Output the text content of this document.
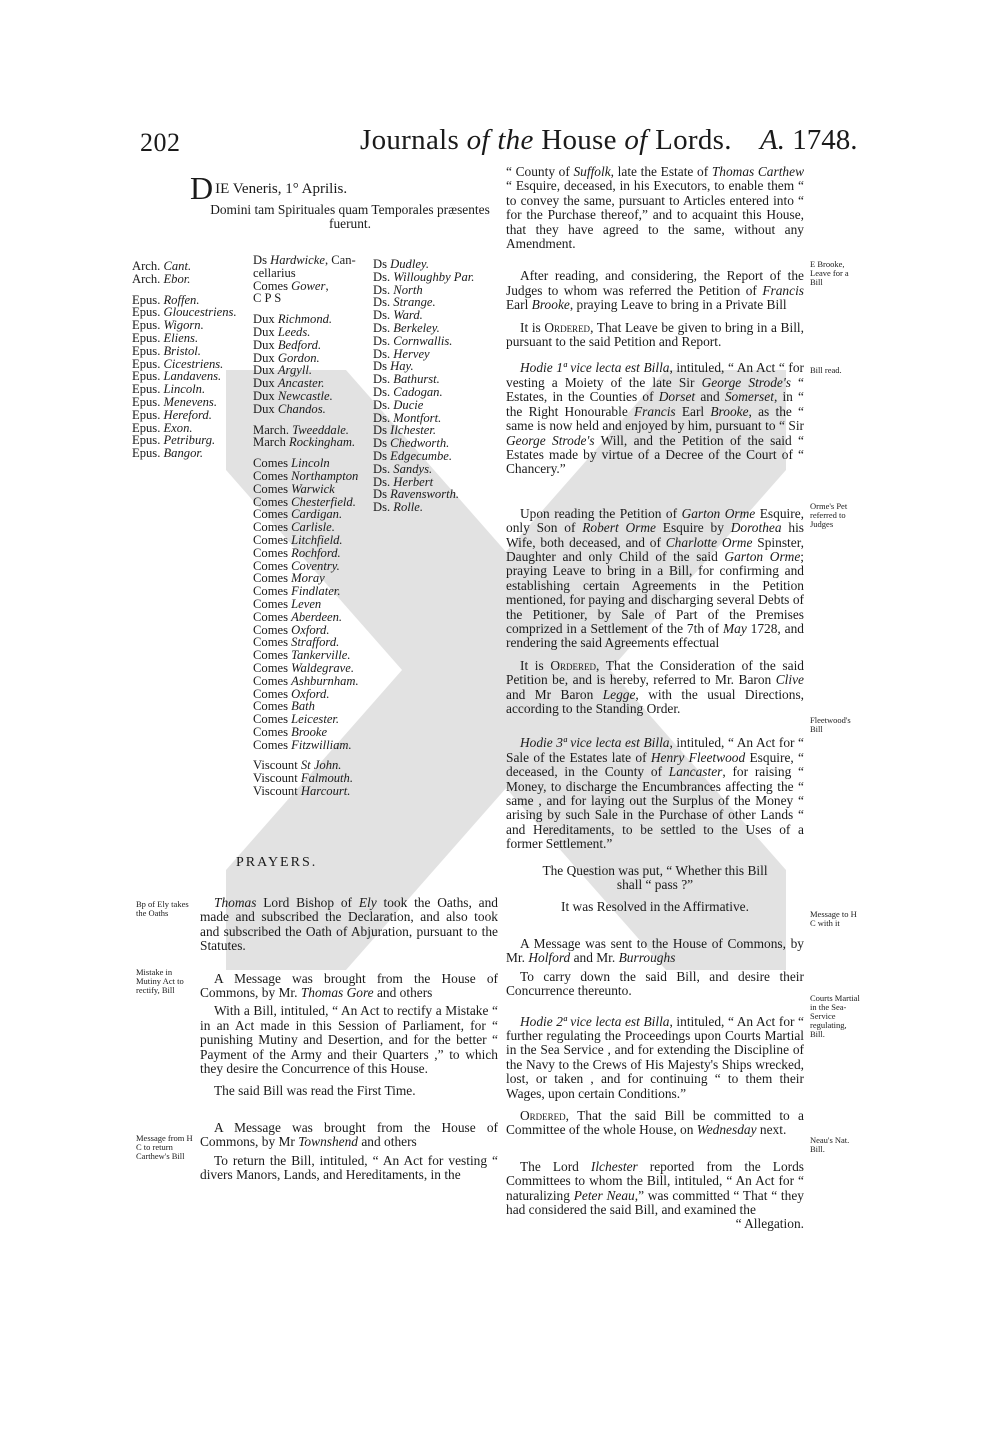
202	Journals of the House of Lords. A. 1748.
DIE Veneris, 1° Aprilis.
Domini tam Spirituales quam Temporales præsentes fuerunt.
Arch. Cant.
Arch. Ebor.
Epus. Roffen.
Epus. Gloucestriens.
Epus. Wigorn.
Epus. Eliens.
Epus. Bristol.
Epus. Cicestriens.
Epus. Landavens.
Epus. Lincoln.
Epus. Menevens.
Epus. Hereford.
Epus. Exon.
Epus. Petriburg.
Epus. Bangor.
Ds Hardwicke, Can-
cellarius
Comes Gower,
C P S
Dux Richmond.
Dux Leeds.
Dux Bedford.
Dux Gordon.
Dux Argyll.
Dux Ancaster.
Dux Newcastle.
Dux Chandos.
March. Tweeddale.
March Rockingham.
Comes Lincoln
Comes Northampton
Comes Warwick
Comes Chesterfield.
Comes Cardigan.
Comes Carlisle.
Comes Litchfield.
Comes Rochford.
Comes Coventry.
Comes Moray
Comes Findlater.
Comes Leven
Comes Aberdeen.
Comes Oxford.
Comes Strafford.
Comes Tankerville.
Comes Waldegrave.
Comes Ashburnham.
Comes Oxford.
Comes Bath
Comes Leicester.
Comes Brooke
Comes Fitzwilliam.
Viscount St John.
Viscount Falmouth.
Viscount Harcourt.
Ds Dudley.
Ds. Willoughby Par.
Ds. North
Ds. Strange.
Ds. Ward.
Ds. Berkeley.
Ds. Cornwallis.
Ds. Hervey
Ds Hay.
Ds. Bathurst.
Ds. Cadogan.
Ds. Ducie
Ds. Montfort.
Ds Ilchester.
Ds Chedworth.
Ds Edgecumbe.
Ds. Sandys.
Ds. Herbert
Ds Ravensworth.
Ds. Rolle.
PRAYERS.
Bp of Ely takes the Oaths
Mistake in Mutiny Act to rectify, Bill
Message from H C to return Carthew's Bill

Thomas Lord Bishop of Ely took the Oaths, and made and subscribed the Declaration, and also took and subscribed the Oath of Abjuration, pursuant to the Statutes.

A Message was brought from the House of Commons, by Mr. Thomas Gore and others

With a Bill, intituled, “ An Act to rectify a Mistake “ in an Act made in this Session of Parliament, for “ punishing Mutiny and Desertion, and for the better “ Payment of the Army and their Quarters ,” to which they desire the Concurrence of this House.

The said Bill was read the First Time.

A Message was brought from the House of Commons, by Mr Townshend and others

To return the Bill, intituled, “ An Act for vesting “ divers Manors, Lands, and Hereditaments, in the

E Brooke, Leave for a Bill
Bill read.
Orme's Pet referred to Judges
Fleetwood's Bill
Message to H C with it
Courts Martial in the Sea-Service regulating, Bill.
Neau's Nat. Bill.

“ County of Suffolk, late the Estate of Thomas Carthew “ Esquire, deceased, in his Executors, to enable them “ to convey the same, pursuant to Articles entered into “ for the Purchase thereof,” and to acquaint this House, that they have agreed to the same, without any Amendment.

After reading, and considering, the Report of the Judges to whom was referred the Petition of Francis Earl Brooke, praying Leave to bring in a Private Bill

It is Ordered, That Leave be given to bring in a Bill, pursuant to the said Petition and Report.

Hodie 1ª vice lecta est Billa, intituled, “ An Act “ for vesting a Moiety of the late Sir George Strode's “ Estates, in the Counties of Dorset and Somerset, in “ the Right Honourable Francis Earl Brooke, as the “ same is now held and enjoyed by him, pursuant to “ Sir George Strode's Will, and the Petition of the said “ Estates made by virtue of a Decree of the Court of “ Chancery.”

Upon reading the Petition of Garton Orme Esquire, only Son of Robert Orme Esquire by Dorothea his Wife, both deceased, and of Charlotte Orme Spinster, Daughter and only Child of the said Garton Orme; praying Leave to bring in a Bill, for confirming and establishing certain Agreements in the Petition mentioned, for paying and discharging several Debts of the Petitioner, by Sale of Part of the Premises comprized in a Settlement of the 7th of May 1728, and rendering the said Agreements effectual

It is Ordered, That the Consideration of the said Petition be, and is hereby, referred to Mr. Baron Clive and Mr Baron Legge, with the usual Directions, according to the Standing Order.

Hodie 3ª vice lecta est Billa, intituled, “ An Act for “ Sale of the Estates late of Henry Fleetwood Esquire, “ deceased, in the County of Lancaster, for raising “ Money, to discharge the Encumbrances affecting the “ same , and for laying out the Surplus of the Money “ arising by such Sale in the Purchase of other Lands “ and Hereditaments, to be settled to the Uses of a former Settlement.”

The Question was put, “ Whether this Bill shall “ pass ?”

It was Resolved in the Affirmative.

A Message was sent to the House of Commons, by Mr. Holford and Mr. Burroughs

To carry down the said Bill, and desire their Concurrence thereunto.

Hodie 2ª vice lecta est Billa, intituled, “ An Act for “ further regulating the Proceedings upon Courts Martial in the Sea Service , and for extending the Discipline of the Navy to the Crews of His Majesty's Ships wrecked, lost, or taken , and for continuing “ to them their Wages, upon certain Conditions.”

Ordered, That the said Bill be committed to a Committee of the whole House, on Wednesday next.

The Lord Ilchester reported from the Lords Committees to whom the Bill, intituled, “ An Act for “ naturalizing Peter Neau,” was committed “ That “ they had considered the said Bill, and examined the

“ Allegation.
